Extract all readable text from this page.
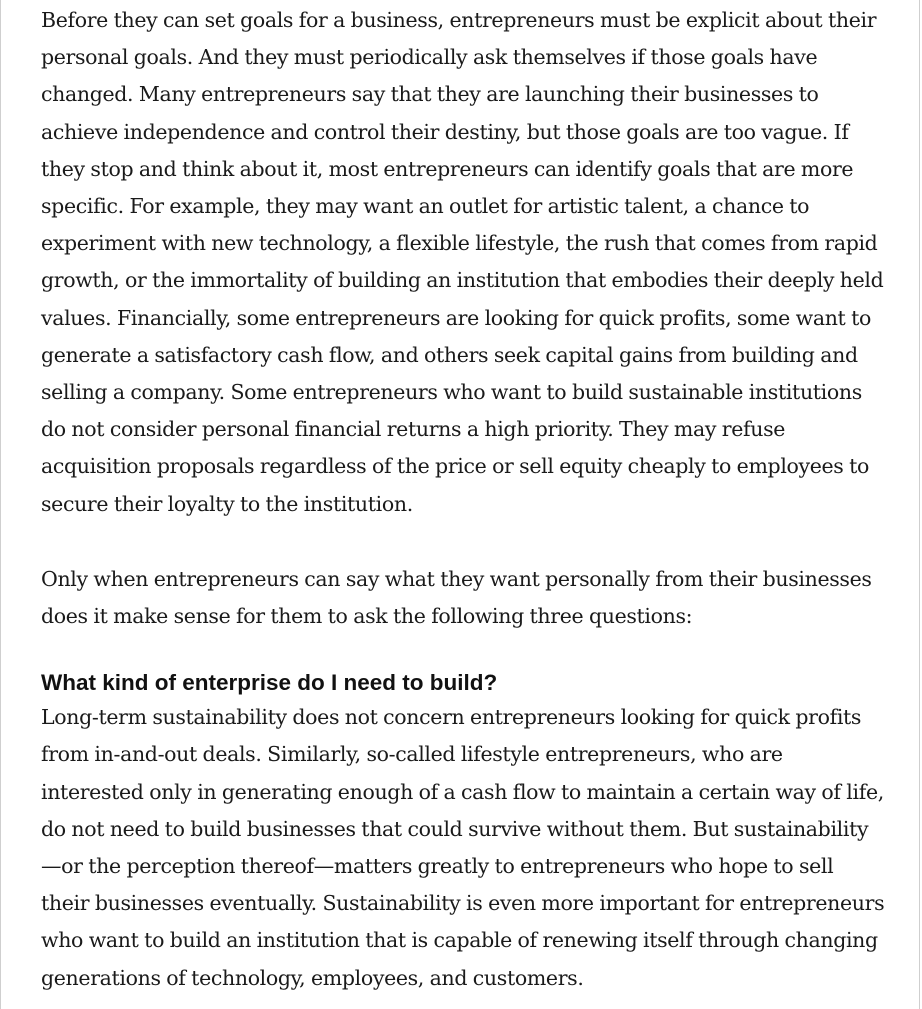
Before they can set goals for a business, entrepreneurs must be explicit about their personal goals. And they must periodically ask themselves if those goals have changed. Many entrepreneurs say that they are launching their businesses to achieve independence and control their destiny, but those goals are too vague. If they stop and think about it, most entrepreneurs can identify goals that are more specific. For example, they may want an outlet for artistic talent, a chance to experiment with new technology, a flexible lifestyle, the rush that comes from rapid growth, or the immortality of building an institution that embodies their deeply held values. Financially, some entrepreneurs are looking for quick profits, some want to generate a satisfactory cash flow, and others seek capital gains from building and selling a company. Some entrepreneurs who want to build sustainable institutions do not consider personal financial returns a high priority. They may refuse acquisition proposals regardless of the price or sell equity cheaply to employees to secure their loyalty to the institution.

Only when entrepreneurs can say what they want personally from their businesses does it make sense for them to ask the following three questions:

What kind of enterprise do I need to build?

Long-term sustainability does not concern entrepreneurs looking for quick profits from in-and-out deals. Similarly, so-called lifestyle entrepreneurs, who are interested only in generating enough of a cash flow to maintain a certain way of life, do not need to build businesses that could survive without them. But sustainability—or the perception thereof—matters greatly to entrepreneurs who hope to sell their businesses eventually. Sustainability is even more important for entrepreneurs who want to build an institution that is capable of renewing itself through changing generations of technology, employees, and customers.
